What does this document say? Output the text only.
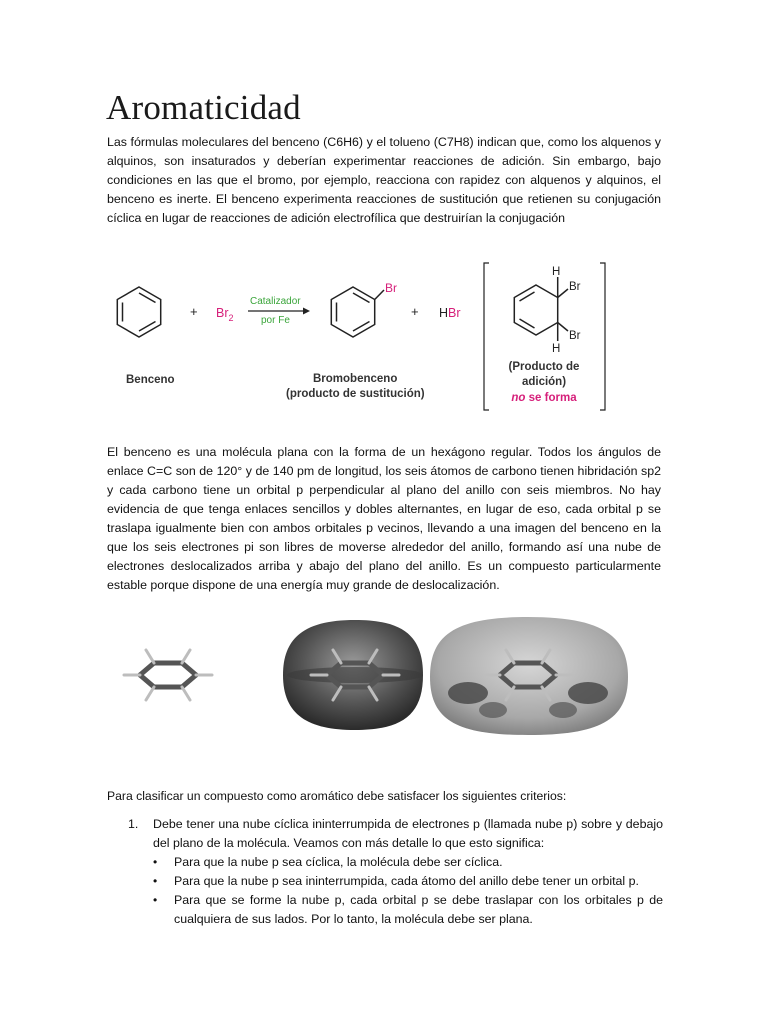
Aromaticidad

Las fórmulas moleculares del benceno (C6H6) y el tolueno (C7H8) indican que, como los alquenos y alquinos, son insaturados y deberían experimentar reacciones de adición. Sin embargo, bajo condiciones en las que el bromo, por ejemplo, reacciona con rapidez con alquenos y alquinos, el benceno es inerte. El benceno experimenta reacciones de sustitución que retienen su conjugación cíclica en lugar de reacciones de adición electrofílica que destruirían la conjugación

Benceno
+ $Br_2$
Catalizador
por Fe
Br
Bromobenceno
(producto de sustitución)
+ HBr
H
Br
Br
H
(Producto de
adición)
no se forma

El benceno es una molécula plana con la forma de un hexágono regular. Todos los ángulos de enlace C=C son de 120° y de 140 pm de longitud, los seis átomos de carbono tienen hibridación sp2 y cada carbono tiene un orbital p perpendicular al plano del anillo con seis miembros. No hay evidencia de que tenga enlaces sencillos y dobles alternantes, en lugar de eso, cada orbital p se traslapa igualmente bien con ambos orbitales p vecinos, llevando a una imagen del benceno en la que los seis electrones pi son libres de moverse alrededor del anillo, formando así una nube de electrones deslocalizados arriba y abajo del plano del anillo. Es un compuesto particularmente estable porque dispone de una energía muy grande de deslocalización.

Para clasificar un compuesto como aromático debe satisfacer los siguientes criterios:

1. Debe tener una nube cíclica ininterrumpida de electrones p (llamada nube p) sobre y debajo del plano de la molécula. Veamos con más detalle lo que esto significa:
• Para que la nube p sea cíclica, la molécula debe ser cíclica.
• Para que la nube p sea ininterrumpida, cada átomo del anillo debe tener un orbital p.
• Para que se forme la nube p, cada orbital p se debe traslapar con los orbitales p de cualquiera de sus lados. Por lo tanto, la molécula debe ser plana.
